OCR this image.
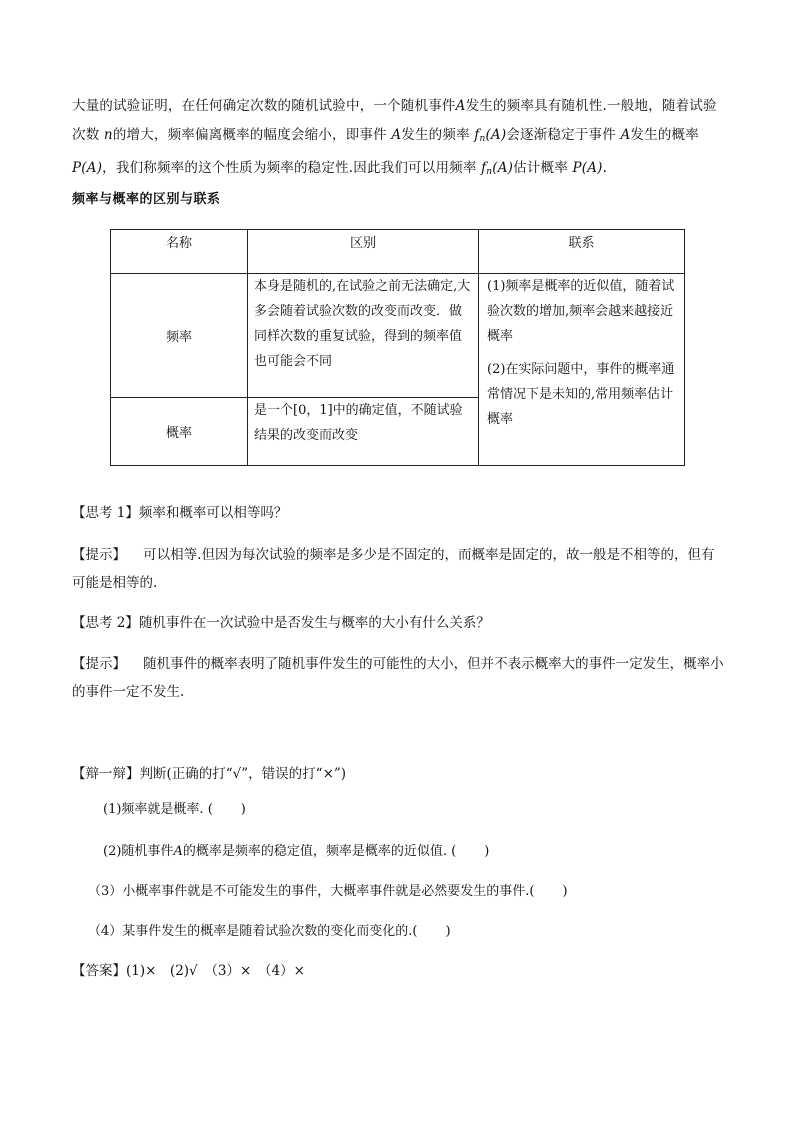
大量的试验证明，在任何确定次数的随机试验中，一个随机事件A发生的频率具有随机性.一般地，随着试验次数 n的增大，频率偏离概率的幅度会缩小，即事件 A发生的频率 $f_n(A)$会逐渐稳定于事件 A发生的概率 P(A)，我们称频率的这个性质为频率的稳定性.因此我们可以用频率 $f_n(A)$估计概率 P(A).
频率与概率的区别与联系
名称	区别	联系
频率	本身是随机的,在试验之前无法确定,大多会随着试验次数的改变而改变．做同样次数的重复试验，得到的频率值也可能会不同	(1)频率是概率的近似值，随着试验次数的增加,频率会越来越接近概率

(2)在实际问题中，事件的概率通常情况下是未知的,常用频率估计概率

概率	是一个[0，1]中的确定值，不随试验结果的改变而改变	
【思考 1】频率和概率可以相等吗？
【提示】 可以相等.但因为每次试验的频率是多少是不固定的，而概率是固定的，故一般是不相等的，但有可能是相等的.
【思考 2】随机事件在一次试验中是否发生与概率的大小有什么关系？
【提示】 随机事件的概率表明了随机事件发生的可能性的大小，但并不表示概率大的事件一定发生，概率小的事件一定不发生.
【辩一辩】判断(正确的打“√”，错误的打“×”)
(1)频率就是概率. ( )
(2)随机事件A的概率是频率的稳定值，频率是概率的近似值. ( )
（3）小概率事件就是不可能发生的事件，大概率事件就是必然要发生的事件.( )
（4）某事件发生的概率是随着试验次数的变化而变化的.( )
【答案】(1)×　(2)√　（3）×　（4）×
